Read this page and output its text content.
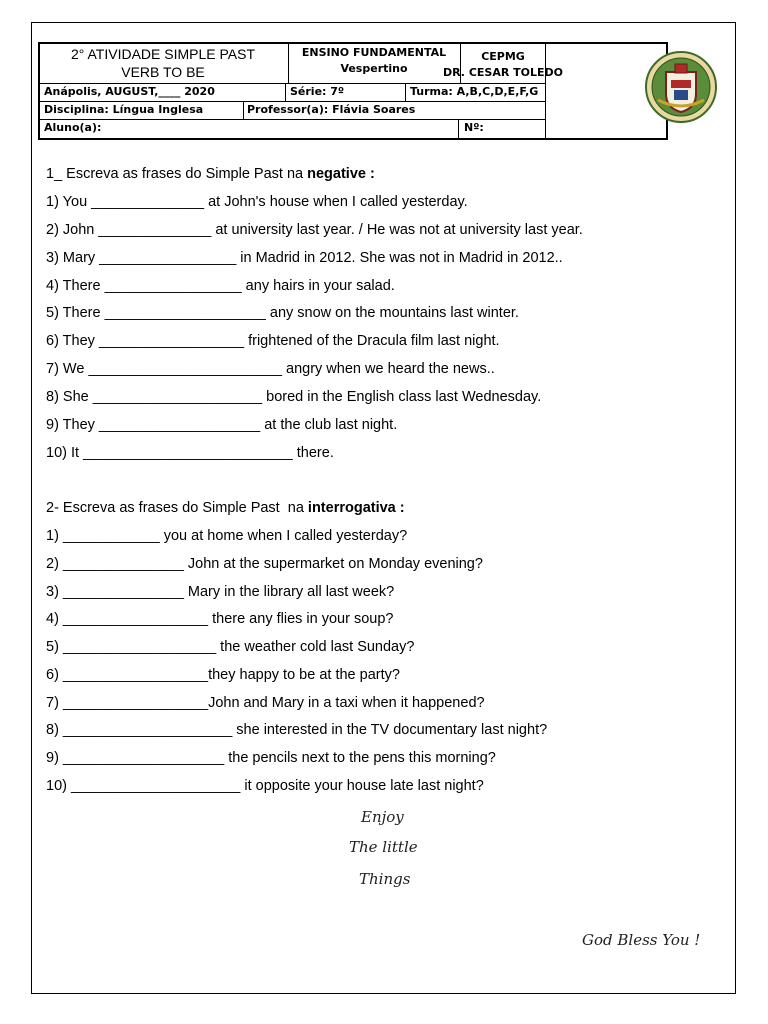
2° ATIVIDADE SIMPLE PAST
VERB TO BE
ENSINO FUNDAMENTAL
Vespertino
CEPMG
DR. CESAR TOLEDO
Anápolis, AUGUST,____ 2020	Série: 7º	Turma: A,B,C,D,E,F,G
Disciplina: Língua Inglesa	Professor(a): Flávia Soares
Aluno(a):	Nº:
1_ Escreva as frases do Simple Past na negative :
1) You ______________ at John's house when I called yesterday.
2) John ______________ at university last year. / He was not at university last year.
3) Mary _________________ in Madrid in 2012. She was not in Madrid in 2012..
4) There _________________ any hairs in your salad.
5) There ____________________ any snow on the mountains last winter.
6) They __________________ frightened of the Dracula film last night.
7) We ________________________ angry when we heard the news..
8) She _____________________ bored in the English class last Wednesday.
9) They ____________________ at the club last night.
10) It __________________________ there.
2- Escreva as frases do Simple Past  na interrogativa :
1) ____________ you at home when I called yesterday?
2) _______________ John at the supermarket on Monday evening?
3) _______________ Mary in the library all last week?
4) __________________ there any flies in your soup?
5) ___________________ the weather cold last Sunday?
6) __________________they happy to be at the party?
7) __________________John and Mary in a taxi when it happened?
8) _____________________ she interested in the TV documentary last night?
9) ____________________ the pencils next to the pens this morning?
10) _____________________ it opposite your house late last night?
Enjoy
The little
Things
God Bless You !
